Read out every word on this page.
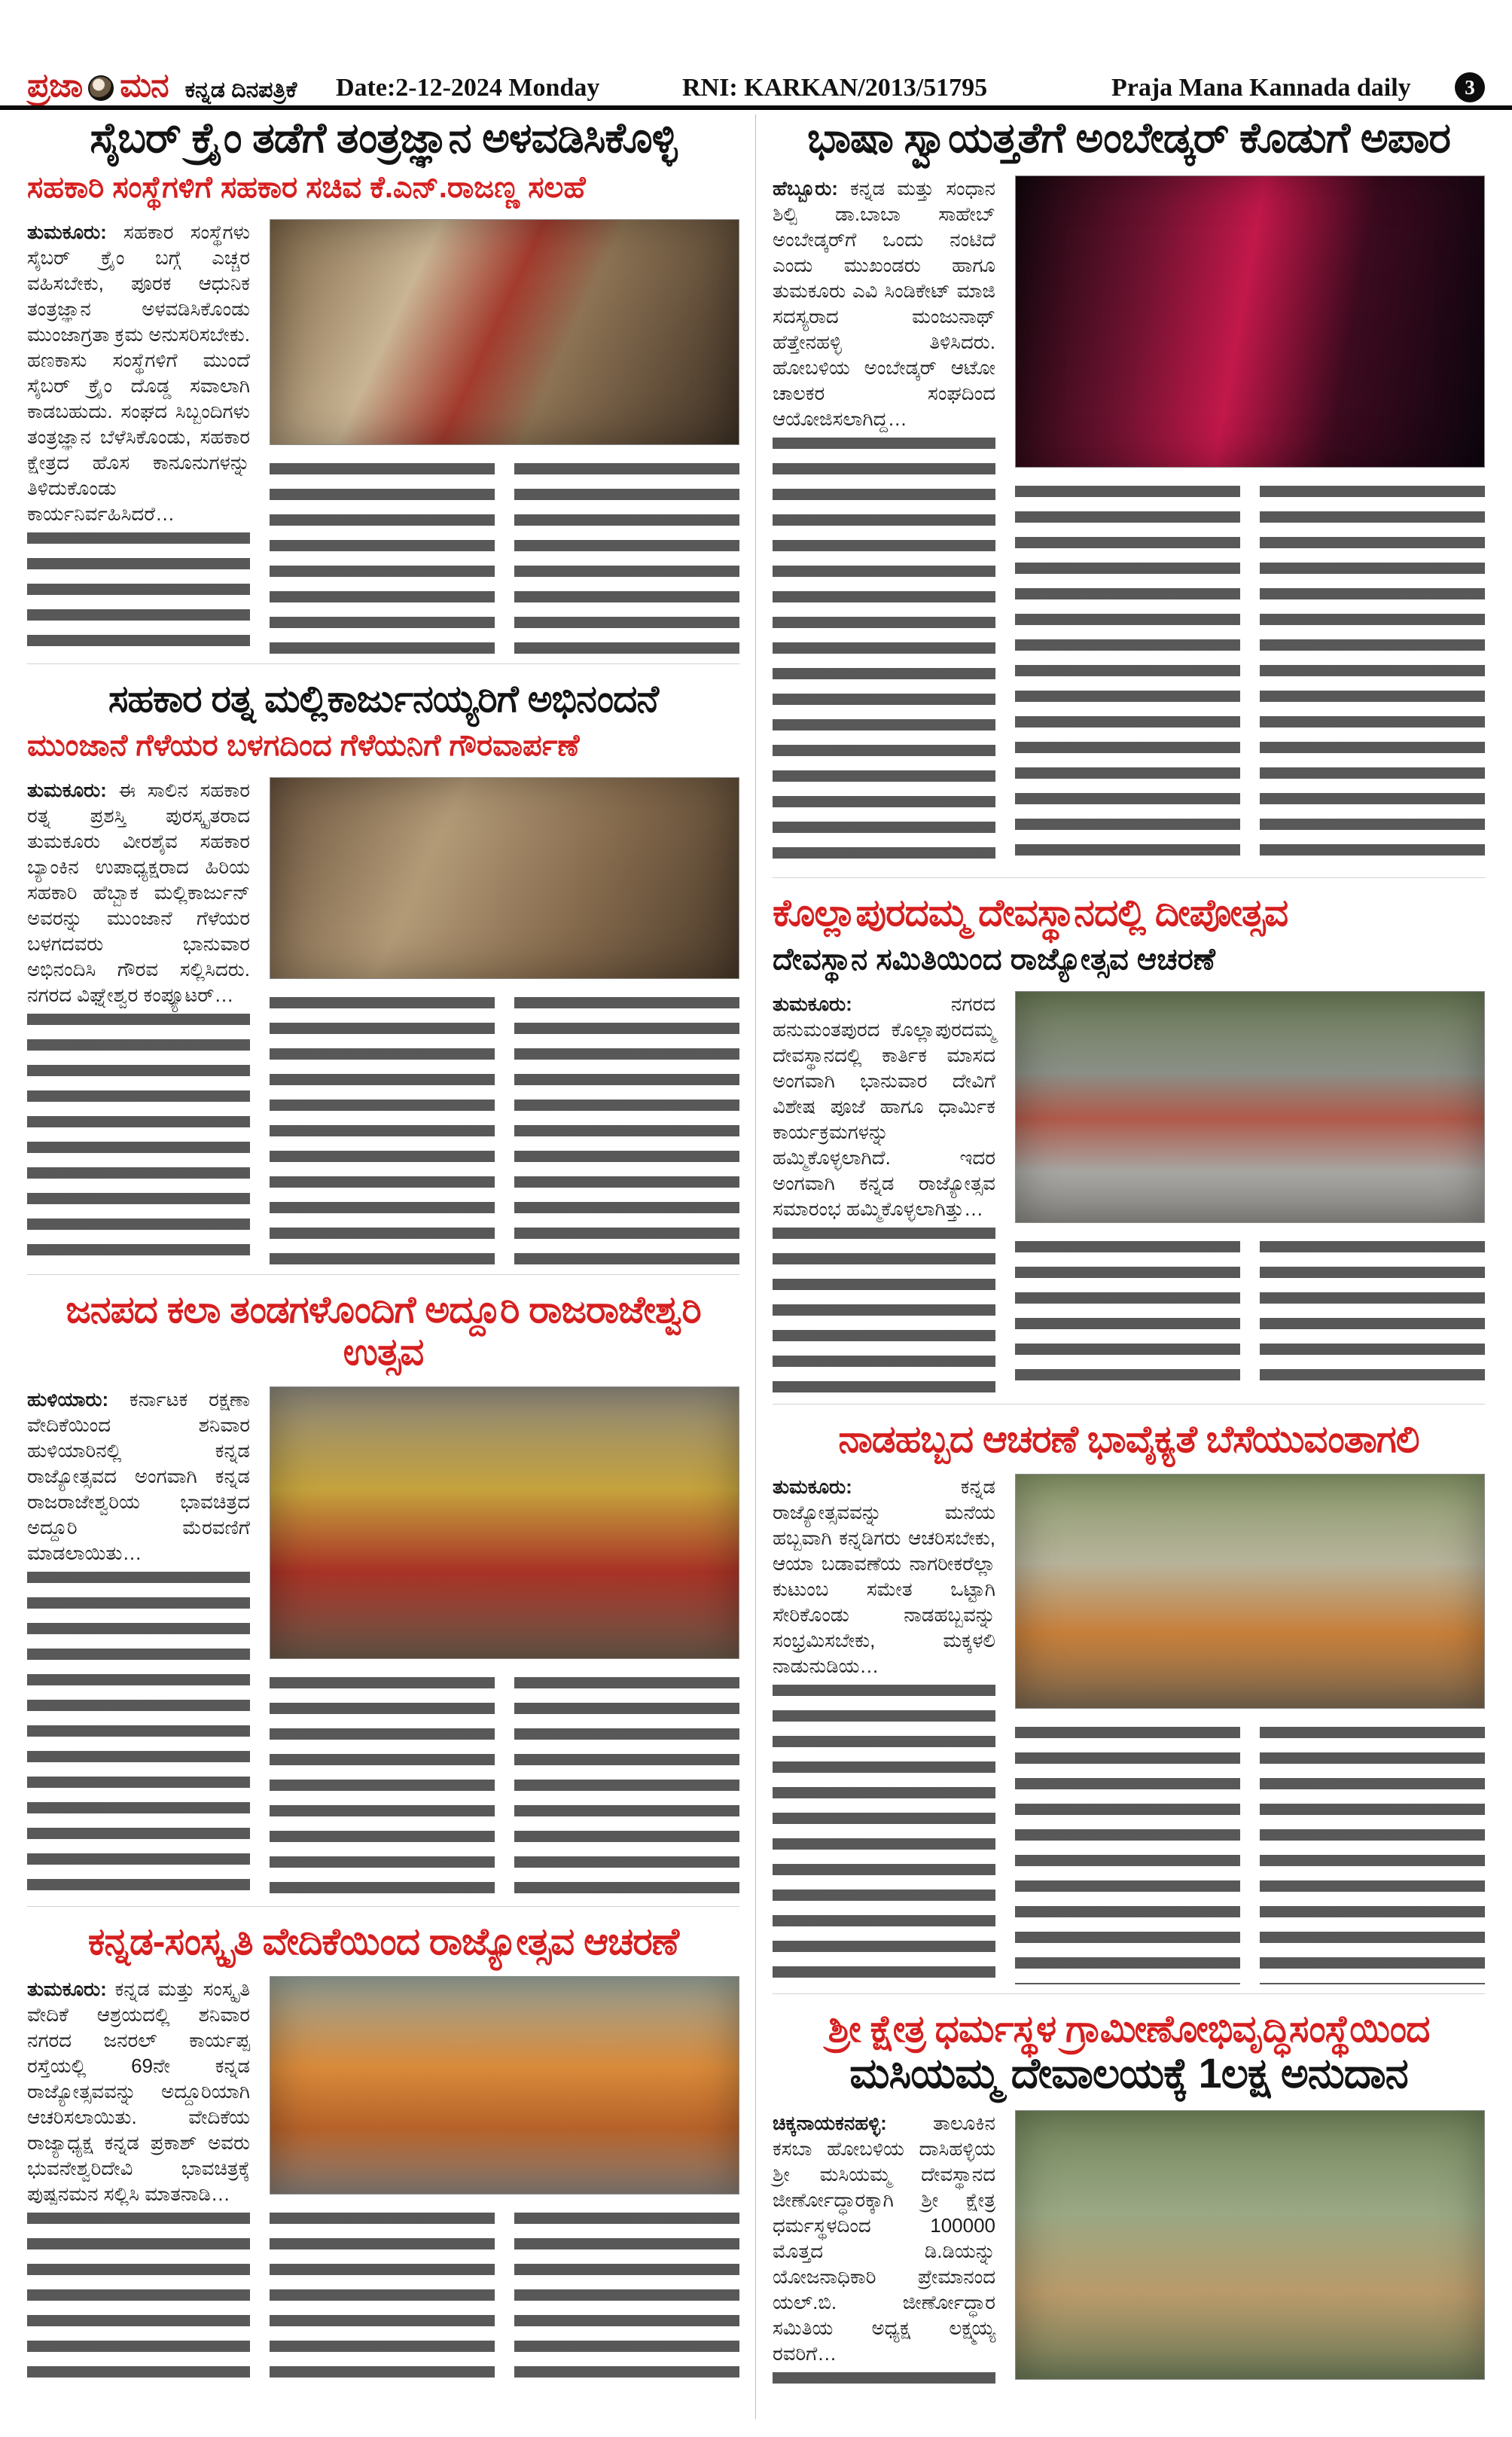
ಪ್ರಜಾ ಮನ ಕನ್ನಡ ದಿನಪತ್ರಿಕೆ Date:2-12-2024 Monday	RNI: KARKAN/2013/51795	Praja Mana Kannada daily	3
ಸೈಬರ್ ಕ್ರೈಂ ತಡೆಗೆ ತಂತ್ರಜ್ಞಾನ ಅಳವಡಿಸಿಕೊಳ್ಳಿ
ಸಹಕಾರಿ ಸಂಸ್ಥೆಗಳಿಗೆ ಸಹಕಾರ ಸಚಿವ ಕೆ.ಎನ್.ರಾಜಣ್ಣ ಸಲಹೆ

ತುಮಕೂರು: ಸಹಕಾರ ಸಂಸ್ಥೆಗಳು ಸೈಬರ್ ಕ್ರೈಂ ಬಗ್ಗೆ ಎಚ್ಚರ ವಹಿಸಬೇಕು, ಪೂರಕ ಆಧುನಿಕ ತಂತ್ರಜ್ಞಾನ ಅಳವಡಿಸಿಕೊಂಡು ಮುಂಜಾಗ್ರತಾ ಕ್ರಮ ಅನುಸರಿಸಬೇಕು. ಹಣಕಾಸು ಸಂಸ್ಥೆಗಳಿಗೆ ಮುಂದೆ ಸೈಬರ್ ಕ್ರೈಂ ದೊಡ್ಡ ಸವಾಲಾಗಿ ಕಾಡಬಹುದು. ಸಂಘದ ಸಿಬ್ಬಂದಿಗಳು ತಂತ್ರಜ್ಞಾನ ಬೆಳೆಸಿಕೊಂಡು, ಸಹಕಾರ ಕ್ಷೇತ್ರದ ಹೊಸ ಕಾನೂನುಗಳನ್ನು ತಿಳಿದುಕೊಂಡು ಕಾರ್ಯನಿರ್ವಹಿಸಿದರೆ…

ಸಹಕಾರ ರತ್ನ ಮಲ್ಲಿಕಾರ್ಜುನಯ್ಯರಿಗೆ ಅಭಿನಂದನೆ
ಮುಂಜಾನೆ ಗೆಳೆಯರ ಬಳಗದಿಂದ ಗೆಳೆಯನಿಗೆ ಗೌರವಾರ್ಪಣೆ

ತುಮಕೂರು: ಈ ಸಾಲಿನ ಸಹಕಾರ ರತ್ನ ಪ್ರಶಸ್ತಿ ಪುರಸ್ಕೃತರಾದ ತುಮಕೂರು ವೀರಶೈವ ಸಹಕಾರ ಬ್ಯಾಂಕಿನ ಉಪಾಧ್ಯಕ್ಷರಾದ ಹಿರಿಯ ಸಹಕಾರಿ ಹೆಬ್ಬಾಕ ಮಲ್ಲಿಕಾರ್ಜುನ್ ಅವರನ್ನು ಮುಂಜಾನೆ ಗೆಳೆಯರ ಬಳಗದವರು ಭಾನುವಾರ ಅಭಿನಂದಿಸಿ ಗೌರವ ಸಲ್ಲಿಸಿದರು. ನಗರದ ವಿಘ್ನೇಶ್ವರ ಕಂಪ್ಯೂಟರ್…

ಜನಪದ ಕಲಾ ತಂಡಗಳೊಂದಿಗೆ ಅದ್ದೂರಿ ರಾಜರಾಜೇಶ್ವರಿ ಉತ್ಸವ

ಹುಳಿಯಾರು: ಕರ್ನಾಟಕ ರಕ್ಷಣಾ ವೇದಿಕೆಯಿಂದ ಶನಿವಾರ ಹುಳಿಯಾರಿನಲ್ಲಿ ಕನ್ನಡ ರಾಜ್ಯೋತ್ಸವದ ಅಂಗವಾಗಿ ಕನ್ನಡ ರಾಜರಾಜೇಶ್ವರಿಯ ಭಾವಚಿತ್ರದ ಅದ್ದೂರಿ ಮೆರವಣಿಗೆ ಮಾಡಲಾಯಿತು…

ಕನ್ನಡ-ಸಂಸ್ಕೃತಿ ವೇದಿಕೆಯಿಂದ ರಾಜ್ಯೋತ್ಸವ ಆಚರಣೆ

ತುಮಕೂರು: ಕನ್ನಡ ಮತ್ತು ಸಂಸ್ಕೃತಿ ವೇದಿಕೆ ಆಶ್ರಯದಲ್ಲಿ ಶನಿವಾರ ನಗರದ ಜನರಲ್ ಕಾರ್ಯಪ್ಪ ರಸ್ತೆಯಲ್ಲಿ 69ನೇ ಕನ್ನಡ ರಾಜ್ಯೋತ್ಸವವನ್ನು ಅದ್ದೂರಿಯಾಗಿ ಆಚರಿಸಲಾಯಿತು. ವೇದಿಕೆಯ ರಾಜ್ಯಾಧ್ಯಕ್ಷ ಕನ್ನಡ ಪ್ರಕಾಶ್ ಅವರು ಭುವನೇಶ್ವರಿದೇವಿ ಭಾವಚಿತ್ರಕ್ಕೆ ಪುಷ್ಪನಮನ ಸಲ್ಲಿಸಿ ಮಾತನಾಡಿ…

ಭಾಷಾ ಸ್ವಾಯತ್ತತೆಗೆ ಅಂಬೇಡ್ಕರ್ ಕೊಡುಗೆ ಅಪಾರ

ಹೆಬ್ಬೂರು: ಕನ್ನಡ ಮತ್ತು ಸಂಧಾನ ಶಿಲ್ಪಿ ಡಾ.ಬಾಬಾ ಸಾಹೇಬ್ ಅಂಬೇಡ್ಕರ್‌ಗೆ ಒಂದು ನಂಟಿದೆ ಎಂದು ಮುಖಂಡರು ಹಾಗೂ ತುಮಕೂರು ಎವಿ ಸಿಂಡಿಕೇಟ್ ಮಾಜಿ ಸದಸ್ಯರಾದ ಮಂಜುನಾಥ್ ಹೆತ್ತೇನಹಳ್ಳಿ ತಿಳಿಸಿದರು. ಹೋಬಳಿಯ ಅಂಬೇಡ್ಕರ್ ಆಟೋ ಚಾಲಕರ ಸಂಘದಿಂದ ಆಯೋಜಿಸಲಾಗಿದ್ದ…

ಕೊಲ್ಲಾಪುರದಮ್ಮ ದೇವಸ್ಥಾನದಲ್ಲಿ ದೀಪೋತ್ಸವ
ದೇವಸ್ಥಾನ ಸಮಿತಿಯಿಂದ ರಾಜ್ಯೋತ್ಸವ ಆಚರಣೆ

ತುಮಕೂರು:	ನಗರದ ಹನುಮಂತಪುರದ ಕೊಲ್ಲಾಪುರದಮ್ಮ ದೇವಸ್ಥಾನದಲ್ಲಿ ಕಾರ್ತಿಕ ಮಾಸದ ಅಂಗವಾಗಿ ಭಾನುವಾರ ದೇವಿಗೆ ವಿಶೇಷ ಪೂಜೆ ಹಾಗೂ ಧಾರ್ಮಿಕ ಕಾರ್ಯಕ್ರಮಗಳನ್ನು ಹಮ್ಮಿಕೊಳ್ಳಲಾಗಿದೆ. ಇದರ ಅಂಗವಾಗಿ ಕನ್ನಡ ರಾಜ್ಯೋತ್ಸವ ಸಮಾರಂಭ ಹಮ್ಮಿಕೊಳ್ಳಲಾಗಿತ್ತು…

ನಾಡಹಬ್ಬದ ಆಚರಣೆ ಭಾವೈಕ್ಯತೆ ಬೆಸೆಯುವಂತಾಗಲಿ

ತುಮಕೂರು:	ಕನ್ನಡ ರಾಜ್ಯೋತ್ಸವವನ್ನು ಮನೆಯ ಹಬ್ಬವಾಗಿ ಕನ್ನಡಿಗರು ಆಚರಿಸಬೇಕು, ಆಯಾ ಬಡಾವಣೆಯ ನಾಗರೀಕರೆಲ್ಲಾ ಕುಟುಂಬ ಸಮೇತ ಒಟ್ಟಾಗಿ ಸೇರಿಕೊಂಡು ನಾಡಹಬ್ಬವನ್ನು ಸಂಭ್ರಮಿಸಬೇಕು, ಮಕ್ಕಳಲಿ ನಾಡುನುಡಿಯ…

ಶ್ರೀ ಕ್ಷೇತ್ರ ಧರ್ಮಸ್ಥಳ ಗ್ರಾಮೀಣೋಭಿವೃದ್ಧಿಸಂಸ್ಥೆಯಿಂದ
ಮಸಿಯಮ್ಮ ದೇವಾಲಯಕ್ಕೆ 1ಲಕ್ಷ ಅನುದಾನ

ಚಿಕ್ಕನಾಯಕನಹಳ್ಳಿ: ತಾಲೂಕಿನ ಕಸಬಾ ಹೋಬಳಿಯ ದಾಸಿಹಳ್ಳಿಯ ಶ್ರೀ ಮಸಿಯಮ್ಮ ದೇವಸ್ಥಾನದ ಜೀರ್ಣೋದ್ಧಾರಕ್ಕಾಗಿ ಶ್ರೀ ಕ್ಷೇತ್ರ ಧರ್ಮಸ್ಥಳದಿಂದ 100000 ಮೊತ್ತದ ಡಿ.ಡಿಯನ್ನು ಯೋಜನಾಧಿಕಾರಿ ಪ್ರೇಮಾನಂದ ಯಲ್.ಬಿ. ಜೀರ್ಣೋದ್ಧಾರ ಸಮಿತಿಯ ಅಧ್ಯಕ್ಷ ಲಕ್ಷ್ಮಯ್ಯ ರವರಿಗೆ…
